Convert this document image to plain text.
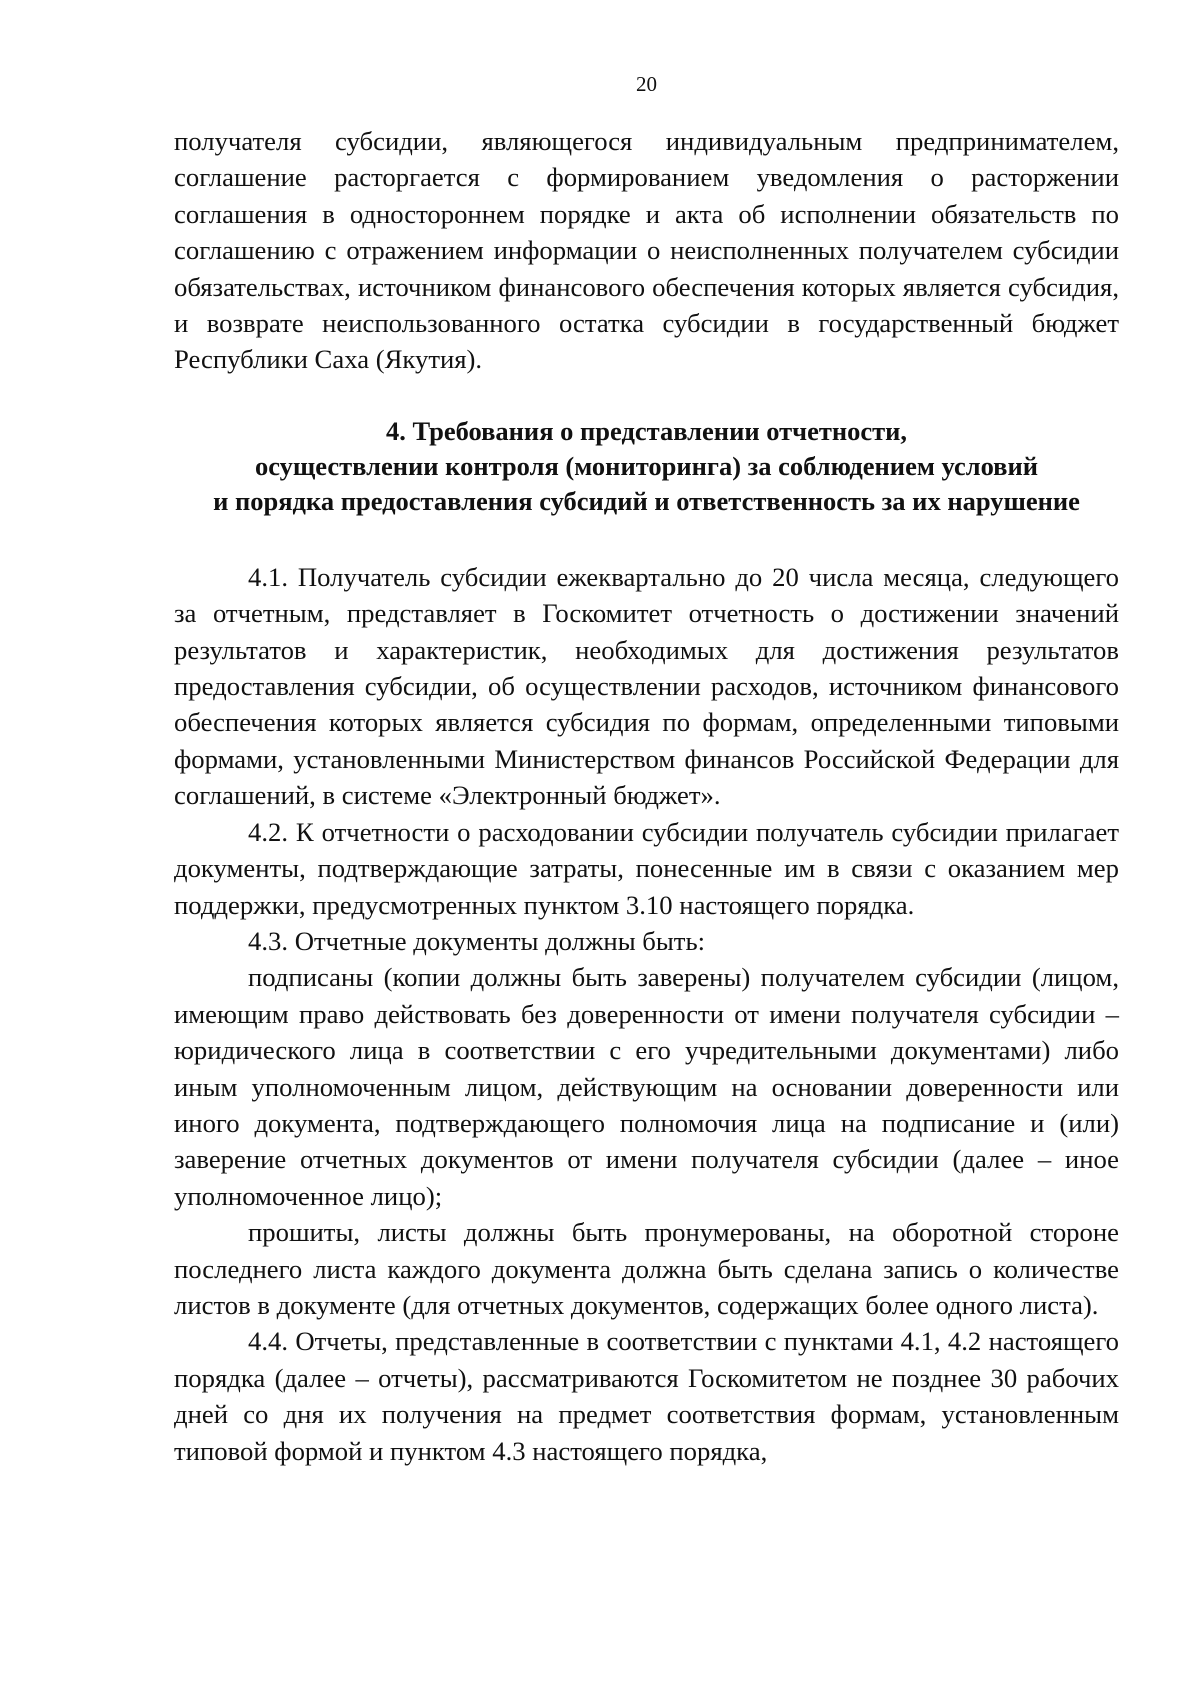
20

получателя субсидии, являющегося индивидуальным предпринимателем, соглашение расторгается с формированием уведомления о расторжении соглашения в одностороннем порядке и акта об исполнении обязательств по соглашению с отражением информации о неисполненных получателем субсидии обязательствах, источником финансового обеспечения которых является субсидия, и возврате неиспользованного остатка субсидии в государственный бюджет Республики Саха (Якутия).

4. Требования о представлении отчетности,
осуществлении контроля (мониторинга) за соблюдением условий
и порядка предоставления субсидий и ответственность за их нарушение

4.1. Получатель субсидии ежеквартально до 20 числа месяца, следующего за отчетным, представляет в Госкомитет отчетность о достижении значений результатов и характеристик, необходимых для достижения результатов предоставления субсидии, об осуществлении расходов, источником финансового обеспечения которых является субсидия по формам, определенными типовыми формами, установленными Министерством финансов Российской Федерации для соглашений, в системе «Электронный бюджет».

4.2. К отчетности о расходовании субсидии получатель субсидии прилагает документы, подтверждающие затраты, понесенные им в связи с оказанием мер поддержки, предусмотренных пунктом 3.10 настоящего порядка.

4.3. Отчетные документы должны быть:

подписаны (копии должны быть заверены) получателем субсидии (лицом, имеющим право действовать без доверенности от имени получателя субсидии – юридического лица в соответствии с его учредительными документами) либо иным уполномоченным лицом, действующим на основании доверенности или иного документа, подтверждающего полномочия лица на подписание и (или) заверение отчетных документов от имени получателя субсидии (далее – иное уполномоченное лицо);

прошиты, листы должны быть пронумерованы, на оборотной стороне последнего листа каждого документа должна быть сделана запись о количестве листов в документе (для отчетных документов, содержащих более одного листа).

4.4. Отчеты, представленные в соответствии с пунктами 4.1, 4.2 настоящего порядка (далее – отчеты), рассматриваются Госкомитетом не позднее 30 рабочих дней со дня их получения на предмет соответствия формам, установленным типовой формой и пунктом 4.3 настоящего порядка,
